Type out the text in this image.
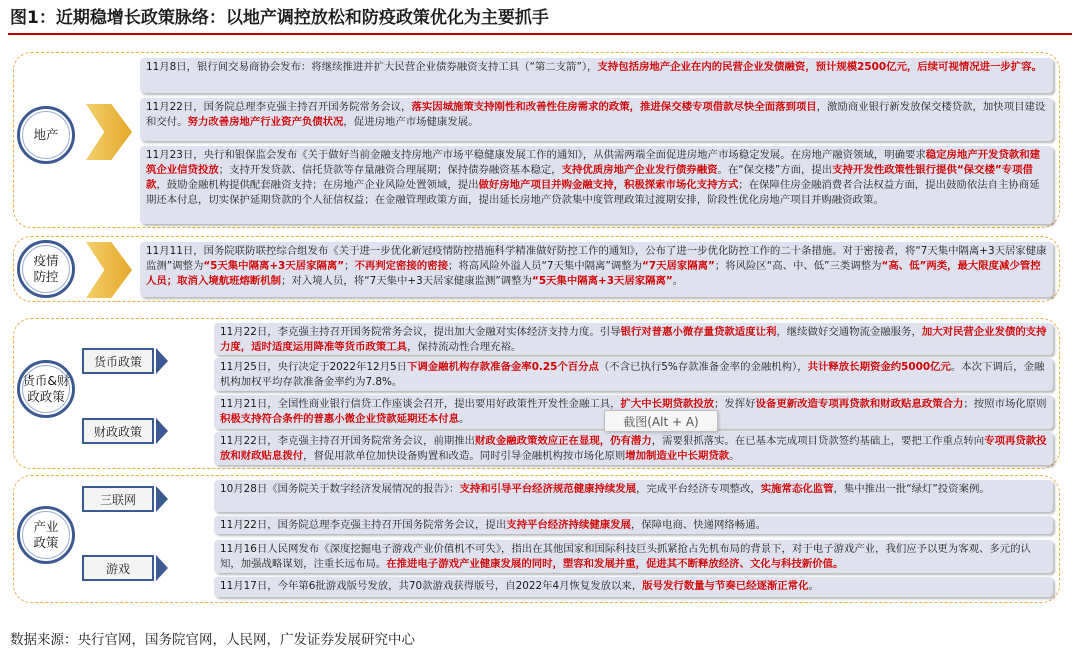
图1：近期稳增长政策脉络：以地产调控放松和防疫政策优化为主要抓手
地产
11月8日，银行间交易商协会发布：将继续推进并扩大民营企业债券融资支持工具（“第二支箭”），支持包括房地产企业在内的民营企业发债融资，预计规模2500亿元，后续可视情况进一步扩容。
11月22日，国务院总理李克强主持召开国务院常务会议，落实因城施策支持刚性和改善性住房需求的政策，推进保交楼专项借款尽快全面落到项目，激励商业银行新发放保交楼贷款，加快项目建设和交付。努力改善房地产行业资产负债状况，促进房地产市场健康发展。
11月23日，央行和银保监会发布《关于做好当前金融支持房地产市场平稳健康发展工作的通知》，从供需两端全面促进房地产市场稳定发展。在房地产融资领域，明确要求稳定房地产开发贷款和建筑企业信贷投放；支持开发贷款、信托贷款等存量融资合理展期；保持债券融资基本稳定，支持优质房地产企业发行债券融资。在“保交楼”方面，提出支持开发性政策性银行提供“保交楼”专项借款，鼓励金融机构提供配套融资支持；在房地产企业风险处置领域，提出做好房地产项目并购金融支持，积极探索市场化支持方式；在保障住房金融消费者合法权益方面，提出鼓励依法自主协商延期还本付息，切实保护延期贷款的个人征信权益；在金融管理政策方面，提出延长房地产贷款集中度管理政策过渡期安排，阶段性优化房地产项目并购融资政策。
疫情
防控
11月11日，国务院联防联控综合组发布《关于进一步优化新冠疫情防控措施科学精准做好防控工作的通知》，公布了进一步优化防控工作的二十条措施。对于密接者，将“7天集中隔离+3天居家健康监测”调整为“5天集中隔离+3天居家隔离”；不再判定密接的密接；将高风险外溢人员“7天集中隔离”调整为“7天居家隔离”；将风险区“高、中、低”三类调整为“高、低”两类，最大限度减少管控人员；取消入境航班熔断机制；对入境人员，将“7天集中+3天居家健康监测”调整为“5天集中隔离+3天居家隔离”。
货币&财
政政策
货币政策
财政政策
11月22日，李克强主持召开国务院常务会议，提出加大金融对实体经济支持力度。引导银行对普惠小微存量贷款适度让利，继续做好交通物流金融服务，加大对民营企业发债的支持力度，适时适度运用降准等货币政策工具，保持流动性合理充裕。
11月25日，央行决定于2022年12月5日下调金融机构存款准备金率0.25个百分点（不含已执行5%存款准备金率的金融机构），共计释放长期资金约5000亿元。本次下调后，金融机构加权平均存款准备金率约为7.8%。
11月21日，全国性商业银行信贷工作座谈会召开，提出要用好政策性开发性金融工具，扩大中长期贷款投放；发挥好设备更新改造专项再贷款和财政贴息政策合力；按照市场化原则积极支持符合条件的普惠小微企业贷款延期还本付息。
11月22日，李克强主持召开国务院常务会议，前期推出财政金融政策效应正在显现，仍有潜力，需要狠抓落实。在已基本完成项目贷款签约基础上，要把工作重点转向专项再贷款投放和财政贴息拨付，督促用款单位加快设备购置和改造。同时引导金融机构按市场化原则增加制造业中长期贷款。
产业
政策
三联网
游戏
10月28日《国务院关于数字经济发展情况的报告》：支持和引导平台经济规范健康持续发展，完成平台经济专项整改，实施常态化监管，集中推出一批“绿灯”投资案例。
11月22日，国务院总理李克强主持召开国务院常务会议，提出支持平台经济持续健康发展，保障电商、快递网络畅通。
11月16日人民网发布《深度挖掘电子游戏产业价值机不可失》，指出在其他国家和国际科技巨头抓紧抢占先机布局的背景下，对于电子游戏产业，我们应予以更为客观、多元的认知，加强战略谋划，注重长远布局。在推进电子游戏产业健康发展的同时，塑容和发展并重，促进其不断释放经济、文化与科技新价值。
11月17日，今年第6批游戏版号发放，共70款游戏获得版号，自2022年4月恢复发放以来，版号发行数量与节奏已经逐渐正常化。
截图(Alt + A)
数据来源：央行官网，国务院官网，人民网，广发证券发展研究中心
